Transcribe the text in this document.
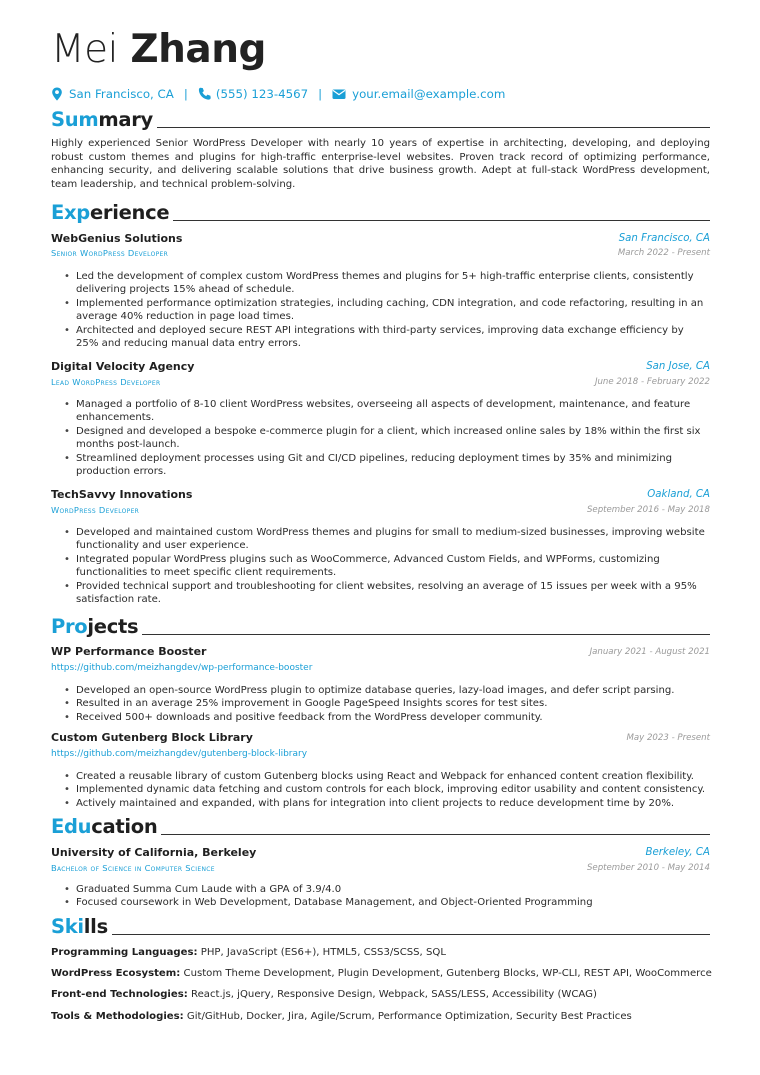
Mei Zhang
San Francisco, CA | (555) 123-4567 |	your.email@example.com
Summary
Highly experienced Senior WordPress Developer with nearly 10 years of expertise in architecting, developing, and deploying robust custom themes and plugins for high-traffic enterprise-level websites. Proven track record of optimizing performance, enhancing security, and delivering scalable solutions that drive business growth. Adept at full-stack WordPress development, team leadership, and technical problem-solving.
Experience
WebGenius Solutions	San Francisco, CA
Senior WordPress Developer	March 2022 - Present
• Led the development of complex custom WordPress themes and plugins for 5+ high-traffic enterprise clients, consistently delivering projects 15% ahead of schedule.
• Implemented performance optimization strategies, including caching, CDN integration, and code refactoring, resulting in an average 40% reduction in page load times.
• Architected and deployed secure REST API integrations with third-party services, improving data exchange efficiency by 25% and reducing manual data entry errors.
Digital Velocity Agency	San Jose, CA
Lead WordPress Developer	June 2018 - February 2022
• Managed a portfolio of 8-10 client WordPress websites, overseeing all aspects of development, maintenance, and feature enhancements.
• Designed and developed a bespoke e-commerce plugin for a client, which increased online sales by 18% within the first six months post-launch.
• Streamlined deployment processes using Git and CI/CD pipelines, reducing deployment times by 35% and minimizing production errors.
TechSavvy Innovations	Oakland, CA
WordPress Developer	September 2016 - May 2018
• Developed and maintained custom WordPress themes and plugins for small to medium-sized businesses, improving website functionality and user experience.
• Integrated popular WordPress plugins such as WooCommerce, Advanced Custom Fields, and WPForms, customizing functionalities to meet specific client requirements.
• Provided technical support and troubleshooting for client websites, resolving an average of 15 issues per week with a 95% satisfaction rate.
Projects
WP Performance Booster	January 2021 - August 2021
https://github.com/meizhangdev/wp-performance-booster
• Developed an open-source WordPress plugin to optimize database queries, lazy-load images, and defer script parsing.
• Resulted in an average 25% improvement in Google PageSpeed Insights scores for test sites.
• Received 500+ downloads and positive feedback from the WordPress developer community.
Custom Gutenberg Block Library	May 2023 - Present
https://github.com/meizhangdev/gutenberg-block-library
• Created a reusable library of custom Gutenberg blocks using React and Webpack for enhanced content creation flexibility.
• Implemented dynamic data fetching and custom controls for each block, improving editor usability and content consistency.
• Actively maintained and expanded, with plans for integration into client projects to reduce development time by 20%.
Education
University of California, Berkeley	Berkeley, CA
Bachelor of Science in Computer Science	September 2010 - May 2014
• Graduated Summa Cum Laude with a GPA of 3.9/4.0
• Focused coursework in Web Development, Database Management, and Object-Oriented Programming
Skills
Programming Languages: PHP, JavaScript (ES6+), HTML5, CSS3/SCSS, SQL
WordPress Ecosystem: Custom Theme Development, Plugin Development, Gutenberg Blocks, WP-CLI, REST API, WooCommerce
Front-end Technologies: React.js, jQuery, Responsive Design, Webpack, SASS/LESS, Accessibility (WCAG)
Tools & Methodologies: Git/GitHub, Docker, Jira, Agile/Scrum, Performance Optimization, Security Best Practices
